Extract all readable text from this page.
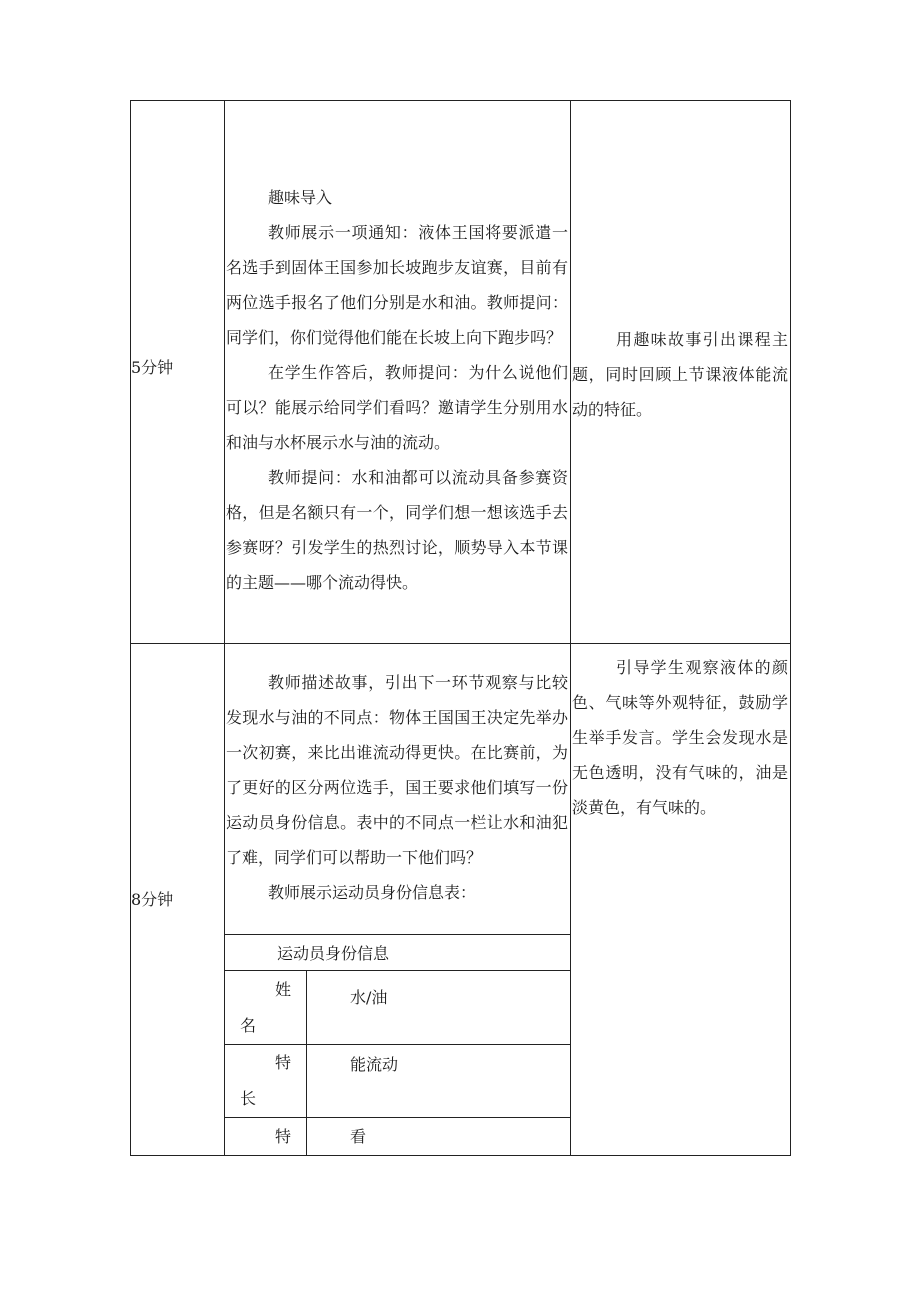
5分钟

趣味导入

教师展示一项通知：液体王国将要派遣一名选手到固体王国参加长坡跑步友谊赛，目前有两位选手报名了他们分别是水和油。教师提问：同学们，你们觉得他们能在长坡上向下跑步吗？

在学生作答后，教师提问：为什么说他们可以？能展示给同学们看吗？邀请学生分别用水和油与水杯展示水与油的流动。

教师提问：水和油都可以流动具备参赛资格，但是名额只有一个，同学们想一想该选手去参赛呀？引发学生的热烈讨论，顺势导入本节课的主题——哪个流动得快。

用趣味故事引出课程主题，同时回顾上节课液体能流动的特征。
8分钟

教师描述故事，引出下一环节观察与比较发现水与油的不同点：物体王国国王决定先举办一次初赛，来比出谁流动得更快。在比赛前，为了更好的区分两位选手，国王要求他们填写一份运动员身份信息。表中的不同点一栏让水和油犯了难，同学们可以帮助一下他们吗？

教师展示运动员身份信息表：

引导学生观察液体的颜色、气味等外观特征，鼓励学生举手发言。学生会发现水是无色透明，没有气味的，油是淡黄色，有气味的。
运动员身份信息
姓
名
水/油
特
长
能流动
特	看
